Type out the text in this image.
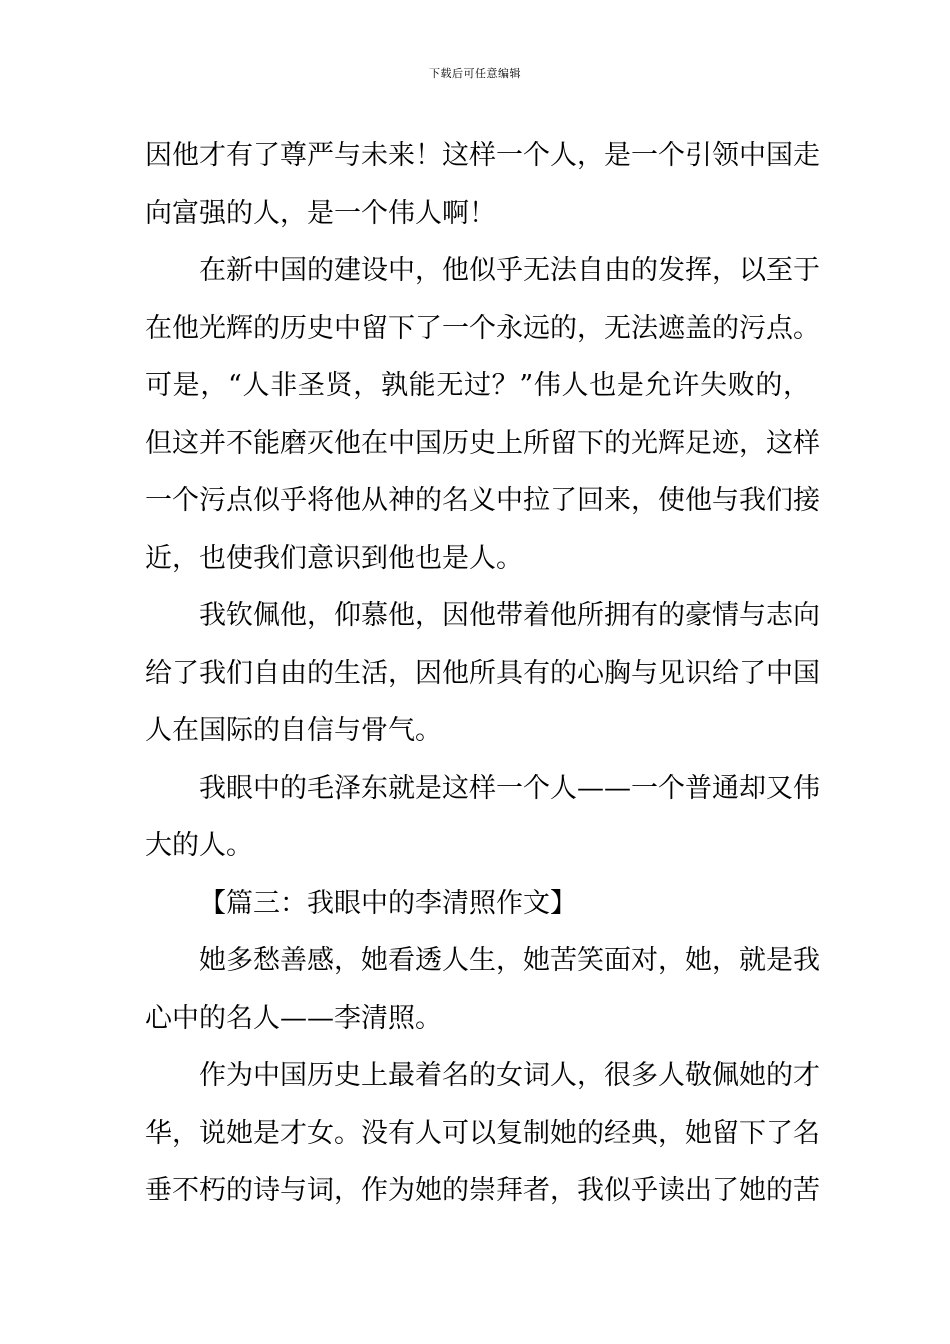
下载后可任意编辑
因他才有了尊严与未来！这样一个人，是一个引领中国走
向富强的人，是一个伟人啊！
在新中国的建设中，他似乎无法自由的发挥，以至于
在他光辉的历史中留下了一个永远的，无法遮盖的污点。
可是，“人非圣贤，孰能无过？”伟人也是允许失败的，
但这并不能磨灭他在中国历史上所留下的光辉足迹，这样
一个污点似乎将他从神的名义中拉了回来，使他与我们接
近，也使我们意识到他也是人。
我钦佩他，仰慕他，因他带着他所拥有的豪情与志向
给了我们自由的生活，因他所具有的心胸与见识给了中国
人在国际的自信与骨气。
我眼中的毛泽东就是这样一个人——一个普通却又伟
大的人。
【篇三：我眼中的李清照作文】
她多愁善感，她看透人生，她苦笑面对，她，就是我
心中的名人——李清照。
作为中国历史上最着名的女词人，很多人敬佩她的才
华，说她是才女。没有人可以复制她的经典，她留下了名
垂不朽的诗与词，作为她的崇拜者，我似乎读出了她的苦
